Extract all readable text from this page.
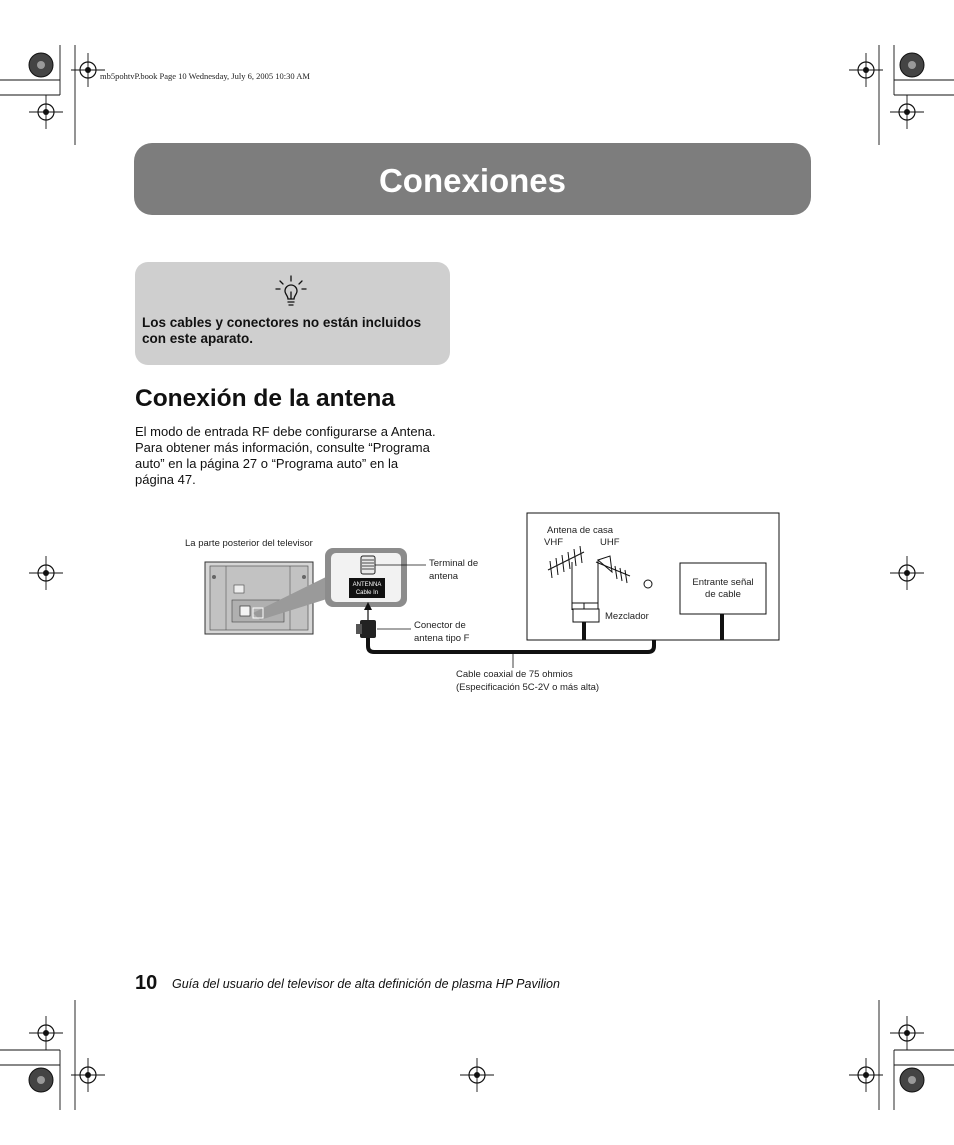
mb5pohtvP.book Page 10 Wednesday, July 6, 2005 10:30 AM
Conexiones
Los cables y conectores no están incluidos con este aparato.
Conexión de la antena
El modo de entrada RF debe configurarse a Antena. Para obtener más información, consulte “Programa auto” en la página 27 o “Programa auto” en la página 47.
ANTENNA
Cable In
Antena de casa
VHF	UHF
Mezclador
Entrante señal
de cable
La parte posterior del televisor
Terminal de
antena
Conector de
antena tipo F
Cable coaxial de 75 ohmios
(Especificación 5C-2V o más alta)
10 Guía del usuario del televisor de alta definición de plasma HP Pavilion
